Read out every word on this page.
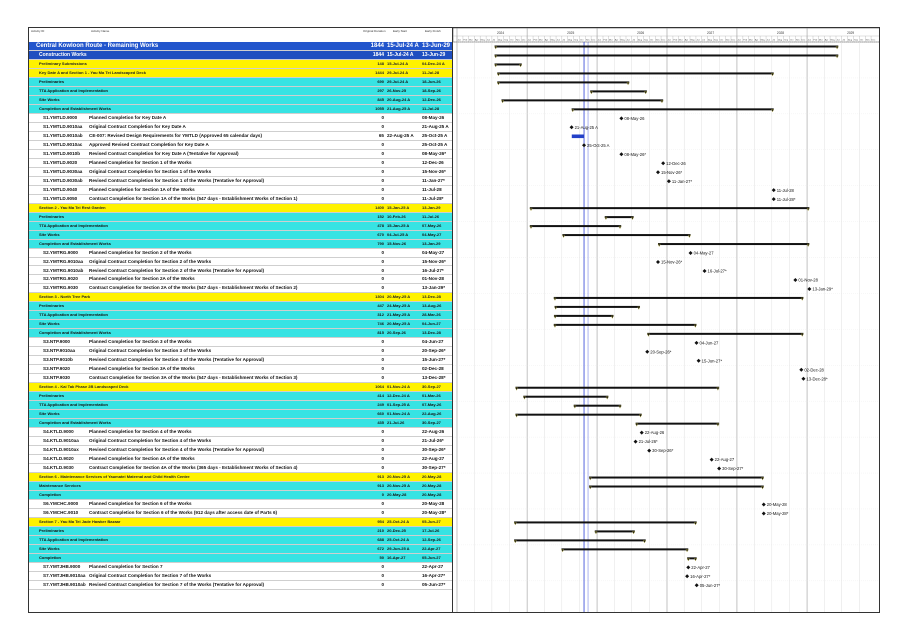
Activity ID	Activity Name	Original Duration Early Start	Early Finish
Central Kowloon Route - Remaining Works	1844 15-Jul-24 A 13-Jun-29
Construction Works	1844 15-Jul-24 A	13-Jun-29
Preliminary Submissions	148 15-Jul-24 A	04-Dec-24 A
Key Date A and Section 1 - Yau Ma Tei Landscaped Deck	1444 29-Jul-24 A	11-Jul-28
Preliminaries	690 29-Jul-24 A	18-Jun-26
TTA Application and Implementation	297 26-Nov-25	18-Sep-26
Site Works	845 20-Aug-24 A	12-Dec-26
Completion and Establishment Works	1055 21-Aug-25 A	11-Jul-28
S1.YMTLD.9000	Planned Completion for Key Date A	0	08-May-26
S1.YMTLD.9010aa	Original Contract Completion for Key Date A	0	21-Aug-25 A
S1.YMTLD.9010ab	CE-007: Revised Design Requirements for YMTLD (Approved 65 calendar days)	65 22-Aug-25 A	25-Oct-25 A
S1.YMTLD.9010ac	Approved Revised Contract Completion for Key Date A	0	25-Oct-25 A
S1.YMTLD.9010b	Revised Contract Completion for Key Date A (Tentative for Approval)	0	08-May-26*
S1.YMTLD.9020	Planned Completion for Section 1 of the Works	0	12-Dec-26
S1.YMTLD.9030aa	Original Contract Completion for Section 1 of the Works	0	15-Nov-26*
S1.YMTLD.9030ab	Revised Contract Completion for Section 1 of the Works (Tentative for Approval)	0	11-Jan-27*
S1.YMTLD.9040	Planned Completion for Section 1A of the Works	0	11-Jul-28
S1.YMTLD.9050	Contract Completion for Section 1A of the Works (547 days - Establishment Works of Section 1)	0	11-Jul-28*
Section 2 - Yau Ma Tei Rest Garden	1400 15-Jan-25 A	13-Jan-29
Preliminaries	152 10-Feb-26	11-Jul-26
TTA Application and Implementation	478 15-Jan-25 A	07-May-26
Site Works	670 04-Jul-25 A	04-May-27
Completion and Establishment Works	790 15-Nov-26	13-Jan-29
S2.YMTRG.9000	Planned Completion for Section 2 of the Works	0	04-May-27
S2.YMTRG.9010aa	Original Contract Completion for Section 2 of the Works	0	15-Nov-26*
S2.YMTRG.9010ab	Revised Contract Completion for Section 2 of the Works (Tentative for Approval)	0	16-Jul-27*
S2.YMTRG.9020	Planned Completion for Section 2A of the Works	0	01-Nov-28
S2.YMTRG.9030	Contract Completion for Section 2A of the Works (547 days - Establishment Works of Section 2)	0	13-Jan-29*
Section 3 - North Tree Park	1304 20-May-25 A	13-Dec-28
Preliminaries	447 24-May-25 A	13-Aug-26
TTA Application and Implementation	312 21-May-25 A	28-Mar-26
Site Works	746 20-May-25 A	04-Jun-27
Completion and Establishment Works	815 20-Sep-26	13-Dec-28
S3.NTP.9000	Planned Completion for Section 3 of the Works	0	04-Jun-27
S3.NTP.9010aa	Original Contract Completion for Section 3 of the Works	0	20-Sep-26*
S3.NTP.9010b	Revised Contract Completion for Section 3 of the Works (Tentative for Approval)	0	15-Jun-27*
S3.NTP.9020	Planned Completion for Section 3A of the Works	0	02-Dec-28
S3.NTP.9030	Contract Completion for Section 3A of the Works (547 days - Establishment Works of Section 3)	0	13-Dec-28*
Section 4 - Kai Tak Phase 2B Landscaped Deck	1064 01-Nov-24 A	30-Sep-27
Preliminaries	414 12-Dec-24 A	01-Mar-26
TTA Application and Implementation	249 01-Sep-25 A	07-May-26
Site Works	660 01-Nov-24 A	22-Aug-26
Completion and Establishment Works	435 21-Jul-26	30-Sep-27
S4.KTLD.9000	Planned Completion for Section 4 of the Works	0	22-Aug-26
S4.KTLD.9010aa	Original Contract Completion for Section 4 of the Works	0	21-Jul-26*
S4.KTLD.9010ax	Revised Contract Completion for Section 4 of the Works (Tentative for Approval)	0	30-Sep-26*
S4.KTLD.9020	Planned Completion for Section 4A of the Works	0	22-Aug-27
S4.KTLD.9030	Contract Completion for Section 4A of the Works (365 days - Establishment Works of Section 4)	0	30-Sep-27*
Section 6 - Maintenance Services of Yaumatei Maternal and Child Health Centre	913 20-Nov-25 A	20-May-28
Maintenance Services	913 20-Nov-25 A	20-May-28
Completion	0 20-May-28	20-May-28
S6.YMCHC.9000	Planned Completion for Section 6 of the Works	0	20-May-28
S6.YMCHC.9010	Contract Completion for Section 6 of the Works (912 days after access date of Parts 6)	0	20-May-28*
Section 7 - Yau Ma Tei Jade Hawker Bazaar	954 25-Oct-24 A	05-Jun-27
Preliminaries	210 20-Dec-25	17-Jul-26
TTA Application and Implementation	688 25-Oct-24 A	12-Sep-26
Site Works	672 29-Jun-25 A	22-Apr-27
Completion	50 16-Apr-27	05-Jun-27
S7.YMTJHB.9000	Planned Completion for Section 7	0	22-Apr-27
S7.YMTJHB.9010aa Original Contract Completion for Section 7 of the Works	0	16-Apr-27*
S7.YMTJHB.9010ab Revised Contract Completion for Section 7 of the Works (Tentative for Approval)	0	05-Jun-27*
2024
Jan	Feb Mar Apr May Jun	Jul Aug Sep Oct Nov Dec
2025
Jan	Feb Mar Apr May Jun	Jul Aug Sep Oct Nov Dec
2026
Jan	Feb Mar Apr May Jun	Jul Aug Sep Oct Nov Dec
2027
Jan	Feb Mar Apr May Jun	Jul Aug Sep Oct Nov Dec
2028
Jan	Feb Mar Apr May Jun	Jul Aug Sep Oct Nov Dec
2029
Jan	Feb Mar Apr May Jun	Jul Aug Sep Oct Nov Dec
08-May-26
21-Aug-25 A
25-Oct-25 A
08-May-26*
12-Dec-26
15-Nov-26*
11-Jan-27*
11-Jul-28
11-Jul-28*
04-May-27
15-Nov-26*
16-Jul-27*
01-Nov-28
13-Jan-29*
04-Jun-27
20-Sep-26*
15-Jun-27*
02-Dec-28
13-Dec-28*
22-Aug-26
21-Jul-26*
30-Sep-26*
22-Aug-27
30-Sep-27*
20-May-28
20-May-28*
22-Apr-27
16-Apr-27*
05-Jun-27*
